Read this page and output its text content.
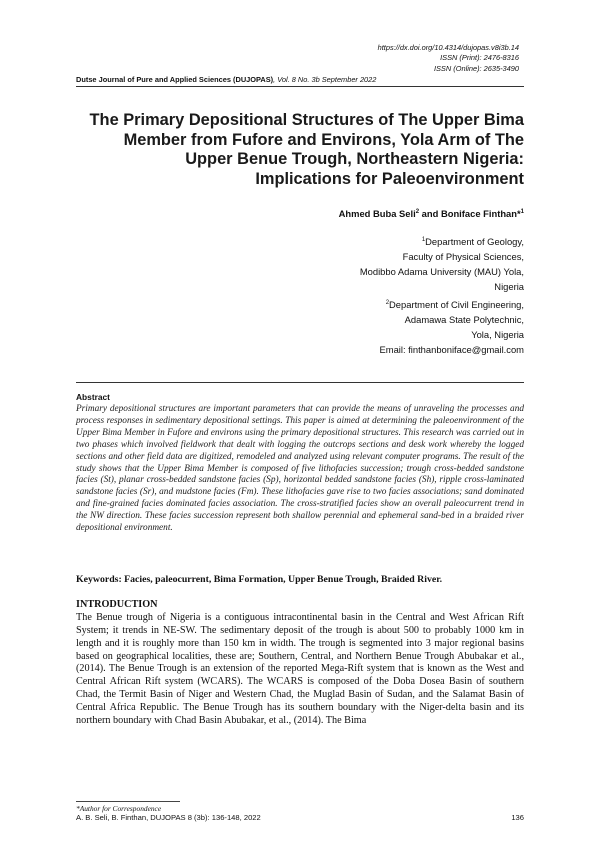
https://dx.doi.org/10.4314/dujopas.v8i3b.14
ISSN (Print): 2476-8316
ISSN (Online): 2635-3490
Dutse Journal of Pure and Applied Sciences (DUJOPAS), Vol. 8 No. 3b September 2022
The Primary Depositional Structures of The Upper Bima
Member from Fufore and Environs, Yola Arm of The
Upper Benue Trough, Northeastern Nigeria:
Implications for Paleoenvironment
Ahmed Buba Seli$^2$ and Boniface Finthan*$^1$
$^1$Department of Geology,
Faculty of Physical Sciences,
Modibbo Adama University (MAU) Yola,
Nigeria
$^2$Department of Civil Engineering,
Adamawa State Polytechnic,
Yola, Nigeria
Email: finthanboniface@gmail.com
Abstract
Primary depositional structures are important parameters that can provide the means of unraveling the processes and process responses in sedimentary depositional settings. This paper is aimed at determining the paleoenvironment of the Upper Bima Member in Fufore and environs using the primary depositional structures. This research was carried out in two phases which involved fieldwork that dealt with logging the outcrops sections and desk work whereby the logged sections and other field data are digitized, remodeled and analyzed using relevant computer programs. The result of the study shows that the Upper Bima Member is composed of five lithofacies succession; trough cross-bedded sandstone facies (St), planar cross-bedded sandstone facies (Sp), horizontal bedded sandstone facies (Sh), ripple cross-laminated sandstone facies (Sr), and mudstone facies (Fm). These lithofacies gave rise to two facies associations; sand dominated and fine-grained facies dominated facies association. The cross-stratified facies show an overall paleocurrent trend in the NW direction. These facies succession represent both shallow perennial and ephemeral sand-bed in a braided river depositional environment.
Keywords: Facies, paleocurrent, Bima Formation, Upper Benue Trough, Braided River.
INTRODUCTION
The Benue trough of Nigeria is a contiguous intracontinental basin in the Central and West African Rift System; it trends in NE-SW. The sedimentary deposit of the trough is about 500 to probably 1000 km in length and it is roughly more than 150 km in width. The trough is segmented into 3 major regional basins based on geographical localities, these are; Southern, Central, and Northern Benue Trough Abubakar et al., (2014). The Benue Trough is an extension of the reported Mega-Rift system that is known as the West and Central African Rift system (WCARS). The WCARS is composed of the Doba Dosea Basin of southern Chad, the Termit Basin of Niger and Western Chad, the Muglad Basin of Sudan, and the Salamat Basin of Central Africa Republic. The Benue Trough has its southern boundary with the Niger-delta basin and its northern boundary with Chad Basin Abubakar, et al., (2014). The Bima
*Author for Correspondence
A. B. Seli, B. Finthan, DUJOPAS 8 (3b): 136-148, 2022	136
